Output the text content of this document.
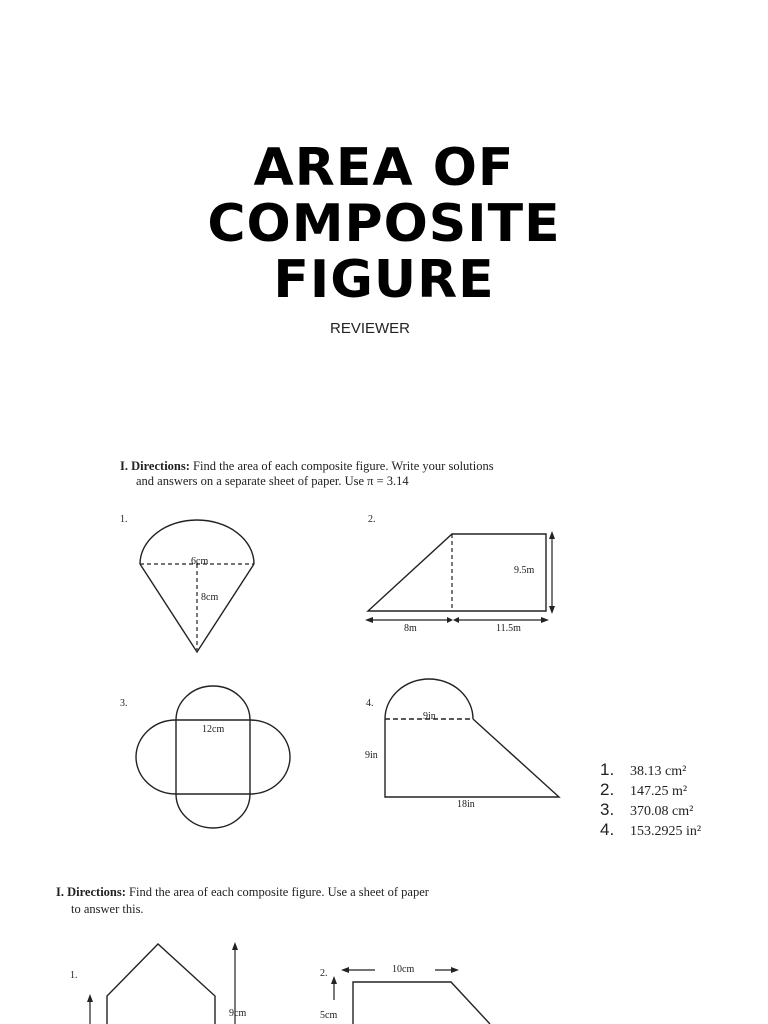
AREA OF
COMPOSITE
FIGURE
REVIEWER
I. Directions: Find the area of each composite figure. Write your solutions
and answers on a separate sheet of paper. Use π = 3.14
1.
6cm
8cm
2.
9.5m
8m	11.5m
3.
12cm
4.
9in
9in
18in
1.	38.13 cm²
2.	147.25 m²
3.	370.08 cm²
4.	153.2925 in²
I. Directions: Find the area of each composite figure. Use a sheet of paper
to answer this.
1.
9cm
2.	10cm
5cm
